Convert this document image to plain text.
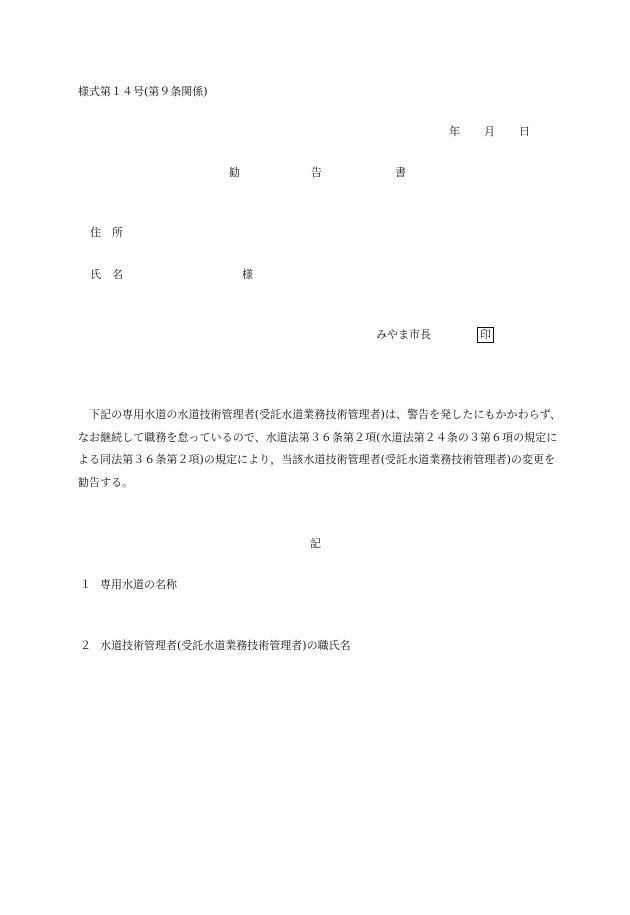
様式第１４号(第９条関係)
年 月 日
勧	告	書
住　所
氏　名	様
みやま市長	印

下記の専用水道の水道技術管理者(受託水道業務技術管理者)は、警告を発したにもかかわらず、なお継続して職務を怠っているので、水道法第３６条第２項(水道法第２４条の３第６項の規定による同法第３６条第２項)の規定により，当該水道技術管理者(受託水道業務技術管理者)の変更を勧告する。

記
１ 専用水道の名称
２ 水道技術管理者(受託水道業務技術管理者)の職氏名
